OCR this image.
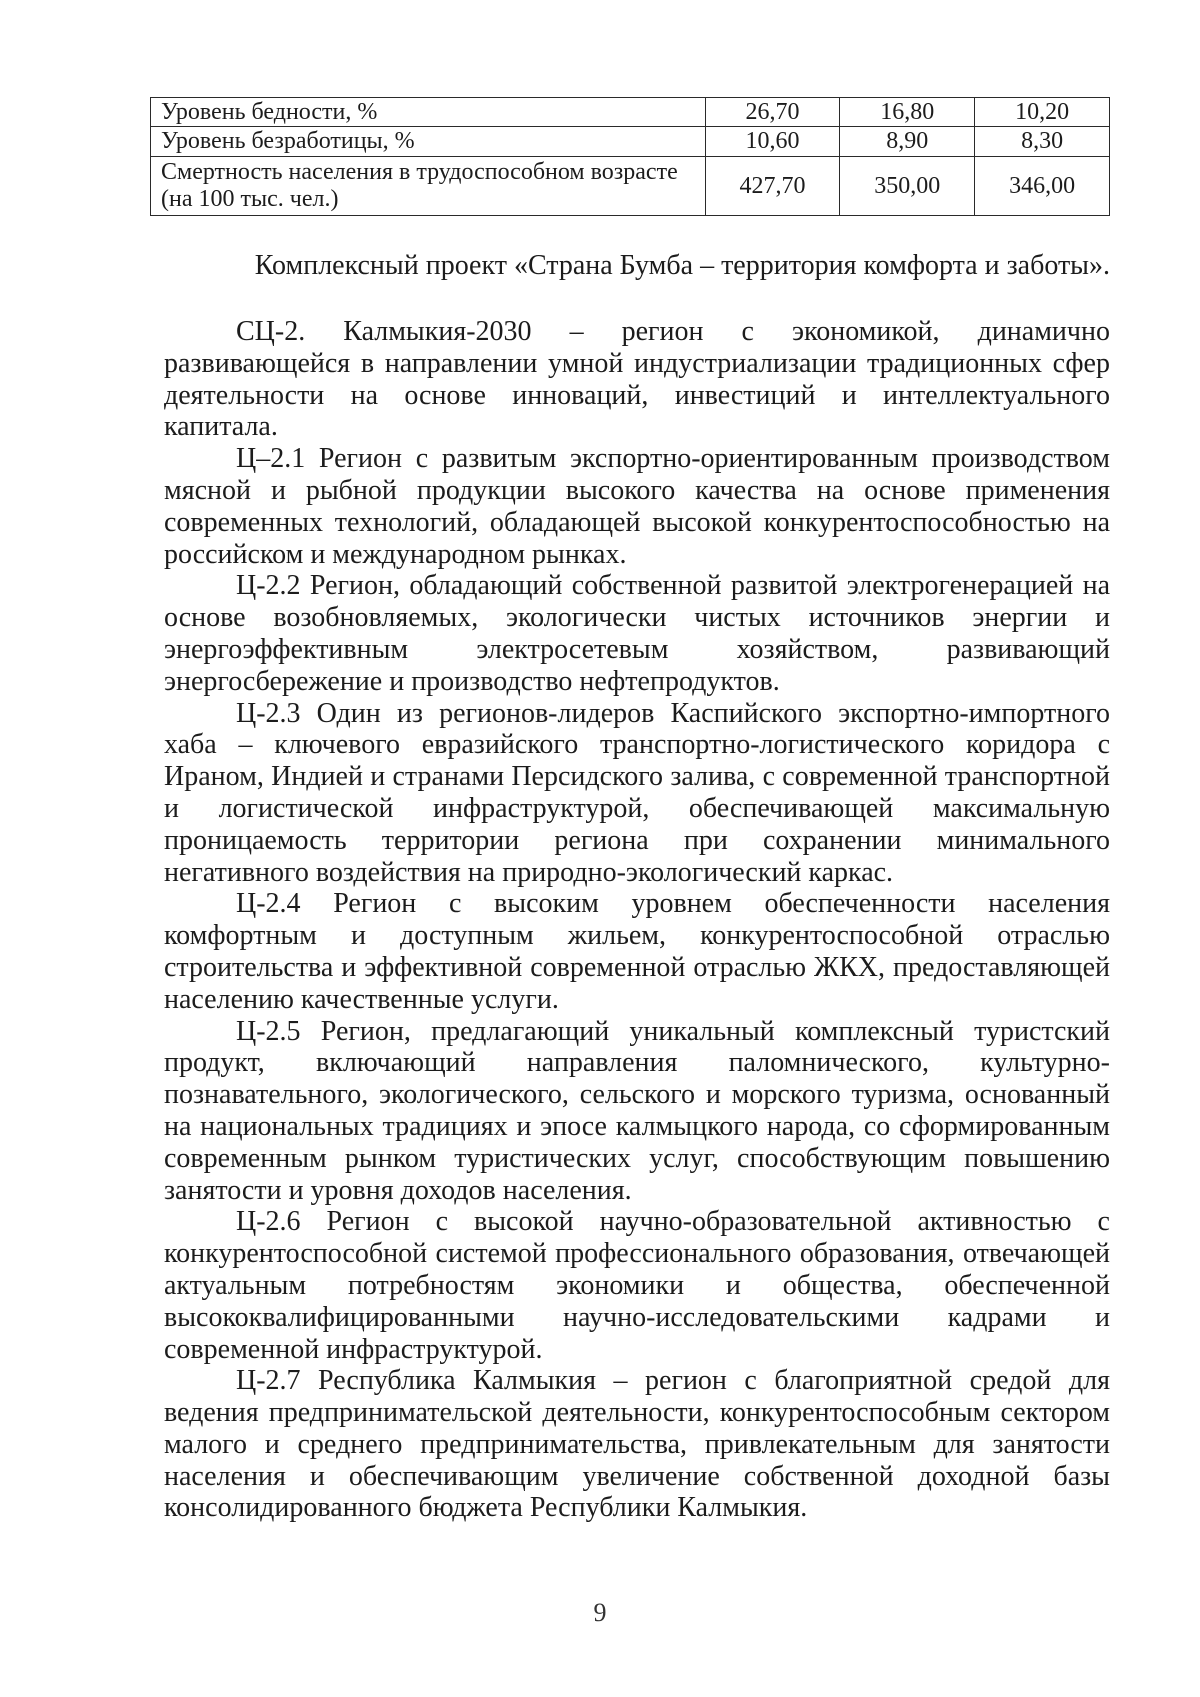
Уровень бедности, %	26,70	16,80	10,20
Уровень безработицы, %	10,60	8,90	8,30
Смертность населения в трудоспособном возрасте (на 100 тыс. чел.)	427,70	350,00	346,00
Комплексный проект «Страна Бумба – территория комфорта и заботы».

СЦ-2. Калмыкия-2030 – регион с экономикой, динамично развивающейся в направлении умной индустриализации традиционных сфер деятельности на основе инноваций, инвестиций и интеллектуального капитала.

Ц–2.1 Регион с развитым экспортно-ориентированным производством мясной и рыбной продукции высокого качества на основе применения современных технологий, обладающей высокой конкурентоспособностью на российском и международном рынках.

Ц-2.2 Регион, обладающий собственной развитой электрогенерацией на основе возобновляемых, экологически чистых источников энергии и энергоэффективным электросетевым хозяйством, развивающий энергосбережение и производство нефтепродуктов.

Ц-2.3 Один из регионов-лидеров Каспийского экспортно-импортного хаба – ключевого евразийского транспортно-логистического коридора с Ираном, Индией и странами Персидского залива, с современной транспортной и логистической инфраструктурой, обеспечивающей максимальную проницаемость территории региона при сохранении минимального негативного воздействия на природно-экологический каркас.

Ц-2.4 Регион с высоким уровнем обеспеченности населения комфортным и доступным жильем, конкурентоспособной отраслью строительства и эффективной современной отраслью ЖКХ, предоставляющей населению качественные услуги.

Ц-2.5 Регион, предлагающий уникальный комплексный туристский продукт, включающий направления паломнического, культурно-познавательного, экологического, сельского и морского туризма, основанный на национальных традициях и эпосе калмыцкого народа, со сформированным современным рынком туристических услуг, способствующим повышению занятости и уровня доходов населения.

Ц-2.6 Регион с высокой научно-образовательной активностью с конкурентоспособной системой профессионального образования, отвечающей актуальным потребностям экономики и общества, обеспеченной высококвалифицированными научно-исследовательскими кадрами и современной инфраструктурой.

Ц-2.7 Республика Калмыкия – регион с благоприятной средой для ведения предпринимательской деятельности, конкурентоспособным сектором малого и среднего предпринимательства, привлекательным для занятости населения и обеспечивающим увеличение собственной доходной базы консолидированного бюджета Республики Калмыкия.

9
